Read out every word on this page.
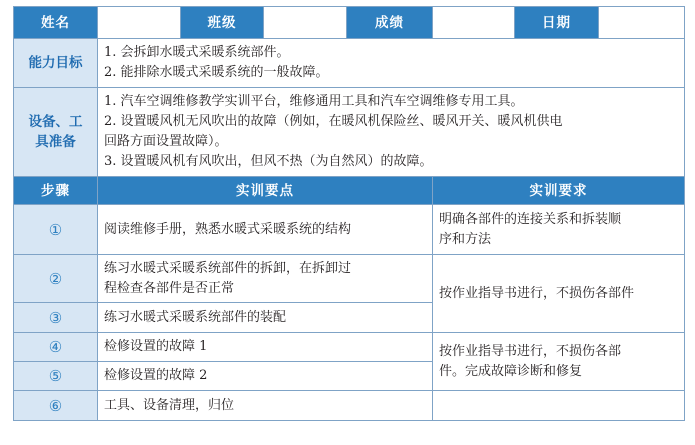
姓名		班级		成绩		日期	
能力目标	1. 会拆卸水暖式采暖系统部件。
2. 能排除水暖式采暖系统的一般故障。						

设备、工
具准备	1. 汽车空调维修教学实训平台，维修通用工具和汽车空调维修专用工具。
2. 设置暖风机无风吹出的故障（例如，在暖风机保险丝、暖风开关、暖风机供电
回路方面设置故障）。
3. 设置暖风机有风吹出，但风不热（为自然风）的故障。						

步骤	实训要点				实训要求		
①	阅读维修手册，熟悉水暖式采暖系统的结构				明确各部件的连接关系和拆装顺
序和方法		

②	练习水暖式采暖系统部件的拆卸，在拆卸过
程检查各部件是否正常				按作业指导书进行，不损伤各部件		
③	练习水暖式采暖系统部件的装配						
④	检修设置的故障 1				按作业指导书进行，不损伤各部
件。完成故障诊断和修复		

⑤	检修设置的故障 2						
⑥	工具、设备清理，归位						
